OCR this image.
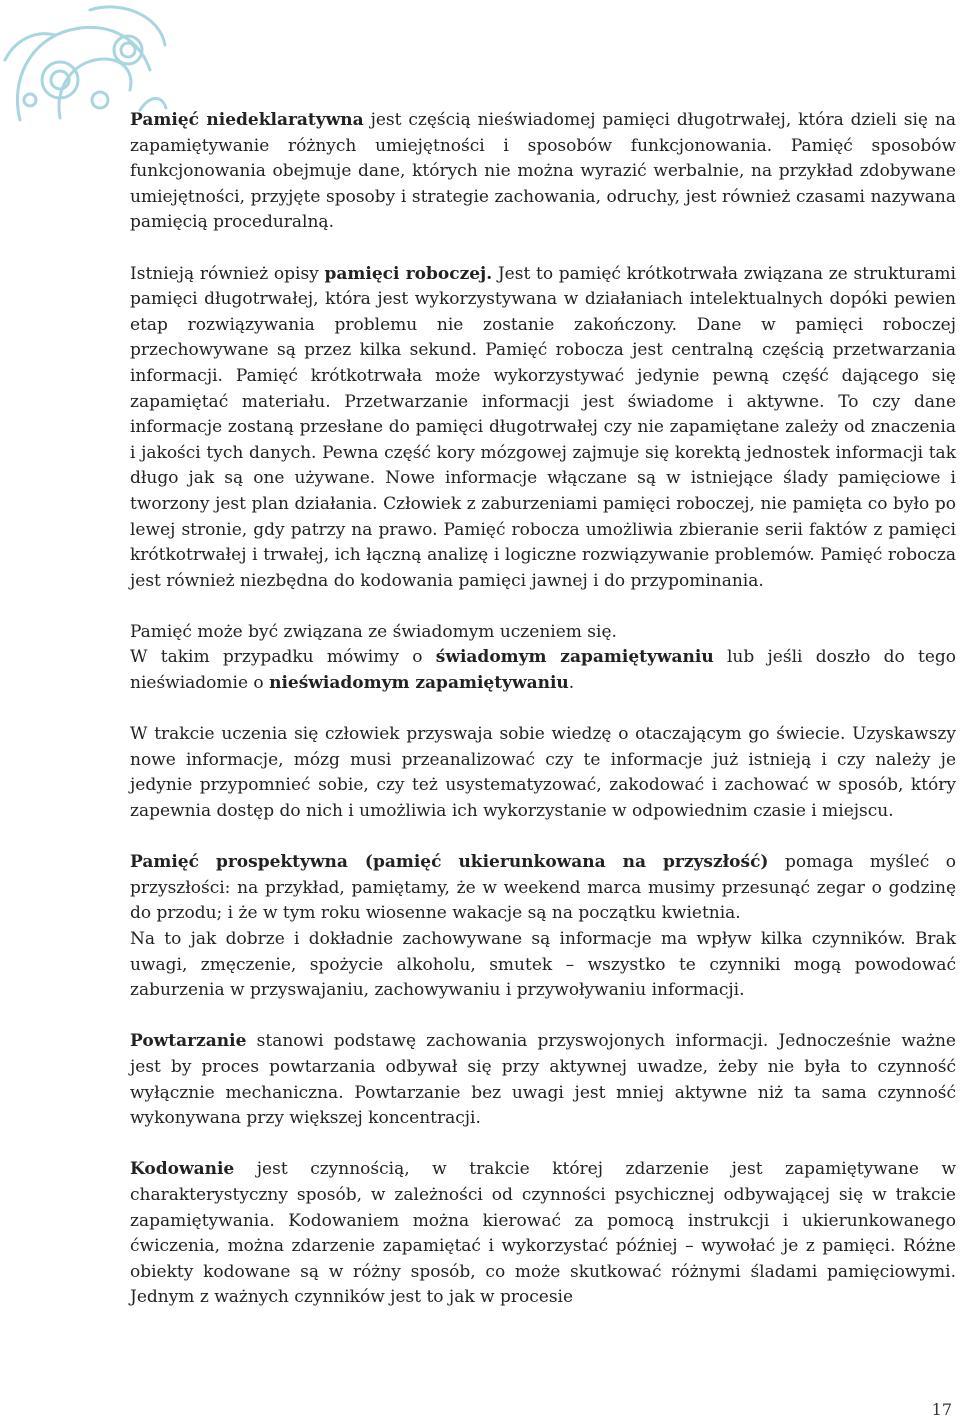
Pamięć niedeklaratywna jest częścią nieświadomej pamięci długotrwałej, która dzieli się na zapamiętywanie różnych umiejętności i sposobów funkcjonowania. Pamięć sposobów funkcjonowania obejmuje dane, których nie można wyrazić werbalnie, na przykład zdobywane umiejętności, przyjęte sposoby i strategie zachowania, odruchy, jest również czasami nazywana pamięcią proceduralną.
Istnieją również opisy pamięci roboczej. Jest to pamięć krótkotrwała związana ze strukturami pamięci długotrwałej, która jest wykorzystywana w działaniach intelektualnych dopóki pewien etap rozwiązywania problemu nie zostanie zakończony. Dane w pamięci roboczej przechowywane są przez kilka sekund. Pamięć robocza jest centralną częścią przetwarzania informacji. Pamięć krótkotrwała może wykorzystywać jedynie pewną część dającego się zapamiętać materiału. Przetwarzanie informacji jest świadome i aktywne. To czy dane informacje zostaną przesłane do pamięci długotrwałej czy nie zapamiętane zależy od znaczenia i jakości tych danych. Pewna część kory mózgowej zajmuje się korektą jednostek informacji tak długo jak są one używane. Nowe informacje włączane są w istniejące ślady pamięciowe i tworzony jest plan działania. Człowiek z zaburzeniami pamięci roboczej, nie pamięta co było po lewej stronie, gdy patrzy na prawo. Pamięć robocza umożliwia zbieranie serii faktów z pamięci krótkotrwałej i trwałej, ich łączną analizę i logiczne rozwiązywanie problemów. Pamięć robocza jest również niezbędna do kodowania pamięci jawnej i do przypominania.
Pamięć może być związana ze świadomym uczeniem się.
W takim przypadku mówimy o świadomym zapamiętywaniu lub jeśli doszło do tego nieświadomie o nieświadomym zapamiętywaniu.
W trakcie uczenia się człowiek przyswaja sobie wiedzę o otaczającym go świecie. Uzyskawszy nowe informacje, mózg musi przeanalizować czy te informacje już istnieją i czy należy je jedynie przypomnieć sobie, czy też usystematyzować, zakodować i zachować w sposób, który zapewnia dostęp do nich i umożliwia ich wykorzystanie w odpowiednim czasie i miejscu.
Pamięć prospektywna (pamięć ukierunkowana na przyszłość) pomaga myśleć o przyszłości: na przykład, pamiętamy, że w weekend marca musimy przesunąć zegar o godzinę do przodu; i że w tym roku wiosenne wakacje są na początku kwietnia.
Na to jak dobrze i dokładnie zachowywane są informacje ma wpływ kilka czynników. Brak uwagi, zmęczenie, spożycie alkoholu, smutek – wszystko te czynniki mogą powodować zaburzenia w przyswajaniu, zachowywaniu i przywoływaniu informacji.
Powtarzanie stanowi podstawę zachowania przyswojonych informacji. Jednocześnie ważne jest by proces powtarzania odbywał się przy aktywnej uwadze, żeby nie była to czynność wyłącznie mechaniczna. Powtarzanie bez uwagi jest mniej aktywne niż ta sama czynność wykonywana przy większej koncentracji.
Kodowanie jest czynnością, w trakcie której zdarzenie jest zapamiętywane w charakterystyczny sposób, w zależności od czynności psychicznej odbywającej się w trakcie zapamiętywania. Kodowaniem można kierować za pomocą instrukcji i ukierunkowanego ćwiczenia, można zdarzenie zapamiętać i wykorzystać później – wywołać je z pamięci. Różne obiekty kodowane są w różny sposób, co może skutkować różnymi śladami pamięciowymi. Jednym z ważnych czynników jest to jak w procesie
17
